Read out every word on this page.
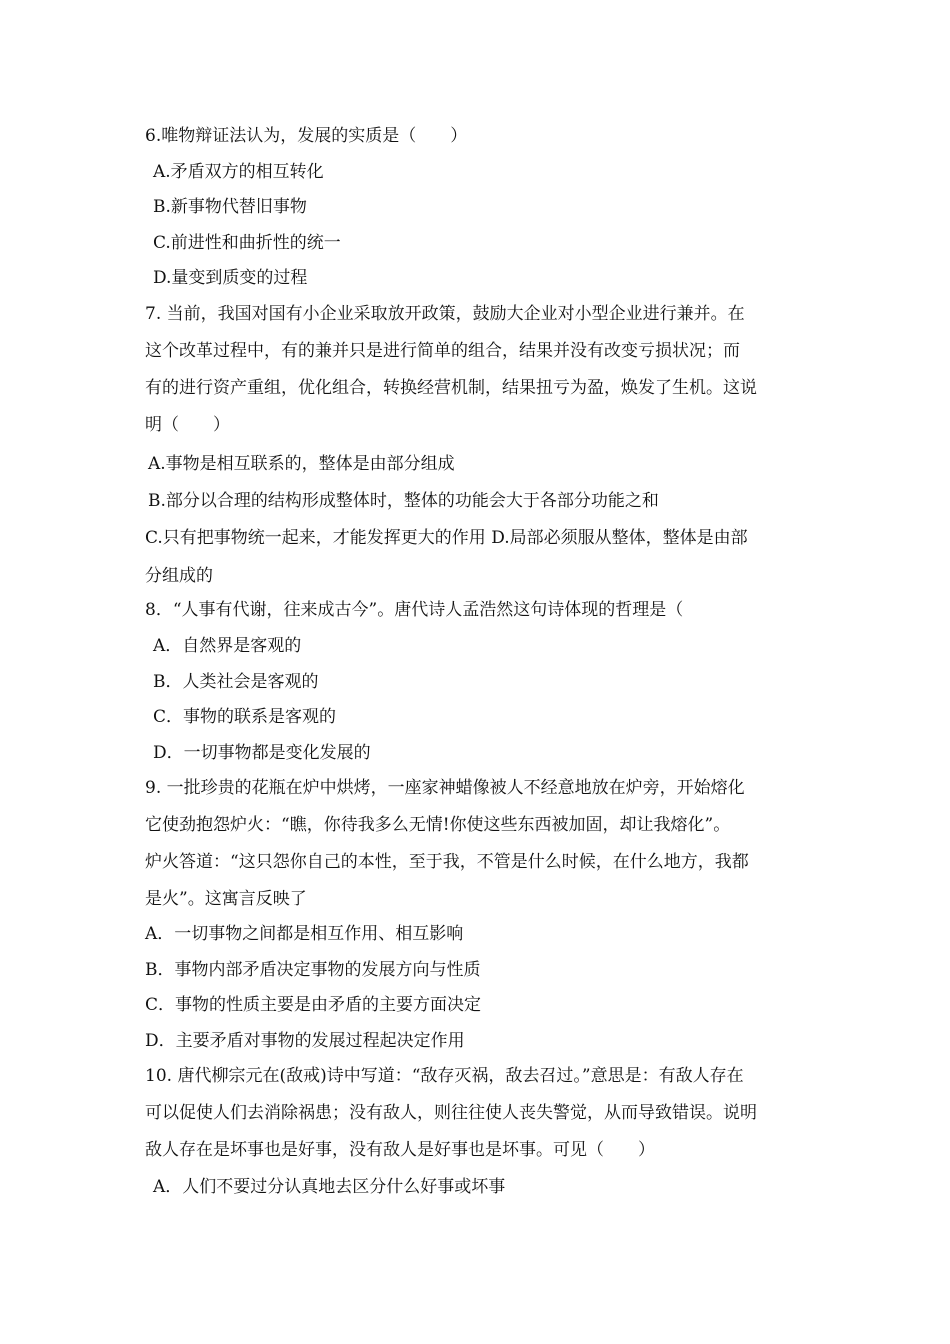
6.唯物辩证法认为，发展的实质是（　　）
A.矛盾双方的相互转化
B.新事物代替旧事物
C.前进性和曲折性的统一
D.量变到质变的过程
7. 当前，我国对国有小企业采取放开政策，鼓励大企业对小型企业进行兼并。在
这个改革过程中，有的兼并只是进行简单的组合，结果并没有改变亏损状况；而
有的进行资产重组，优化组合，转换经营机制，结果扭亏为盈，焕发了生机。这说
明（　　）
A.事物是相互联系的，整体是由部分组成
B.部分以合理的结构形成整体时，整体的功能会大于各部分功能之和
C.只有把事物统一起来，才能发挥更大的作用 D.局部必须服从整体，整体是由部
分组成的
8．“人事有代谢，往来成古今”。唐代诗人孟浩然这句诗体现的哲理是（
A．自然界是客观的
B．人类社会是客观的
C．事物的联系是客观的
D．一切事物都是变化发展的
9. 一批珍贵的花瓶在炉中烘烤，一座家神蜡像被人不经意地放在炉旁，开始熔化
它使劲抱怨炉火：“瞧，你待我多么无情!你使这些东西被加固，却让我熔化”。
炉火答道：“这只怨你自己的本性，至于我，不管是什么时候，在什么地方，我都
是火”。这寓言反映了
A．一切事物之间都是相互作用、相互影响
B．事物内部矛盾决定事物的发展方向与性质
C．事物的性质主要是由矛盾的主要方面决定
D．主要矛盾对事物的发展过程起决定作用
10. 唐代柳宗元在(敌戒)诗中写道：“敌存灭祸，敌去召过。”意思是：有敌人存在
可以促使人们去消除祸患；没有敌人，则往往使人丧失警觉，从而导致错误。说明
敌人存在是坏事也是好事，没有敌人是好事也是坏事。可见（　　）
A．人们不要过分认真地去区分什么好事或坏事
